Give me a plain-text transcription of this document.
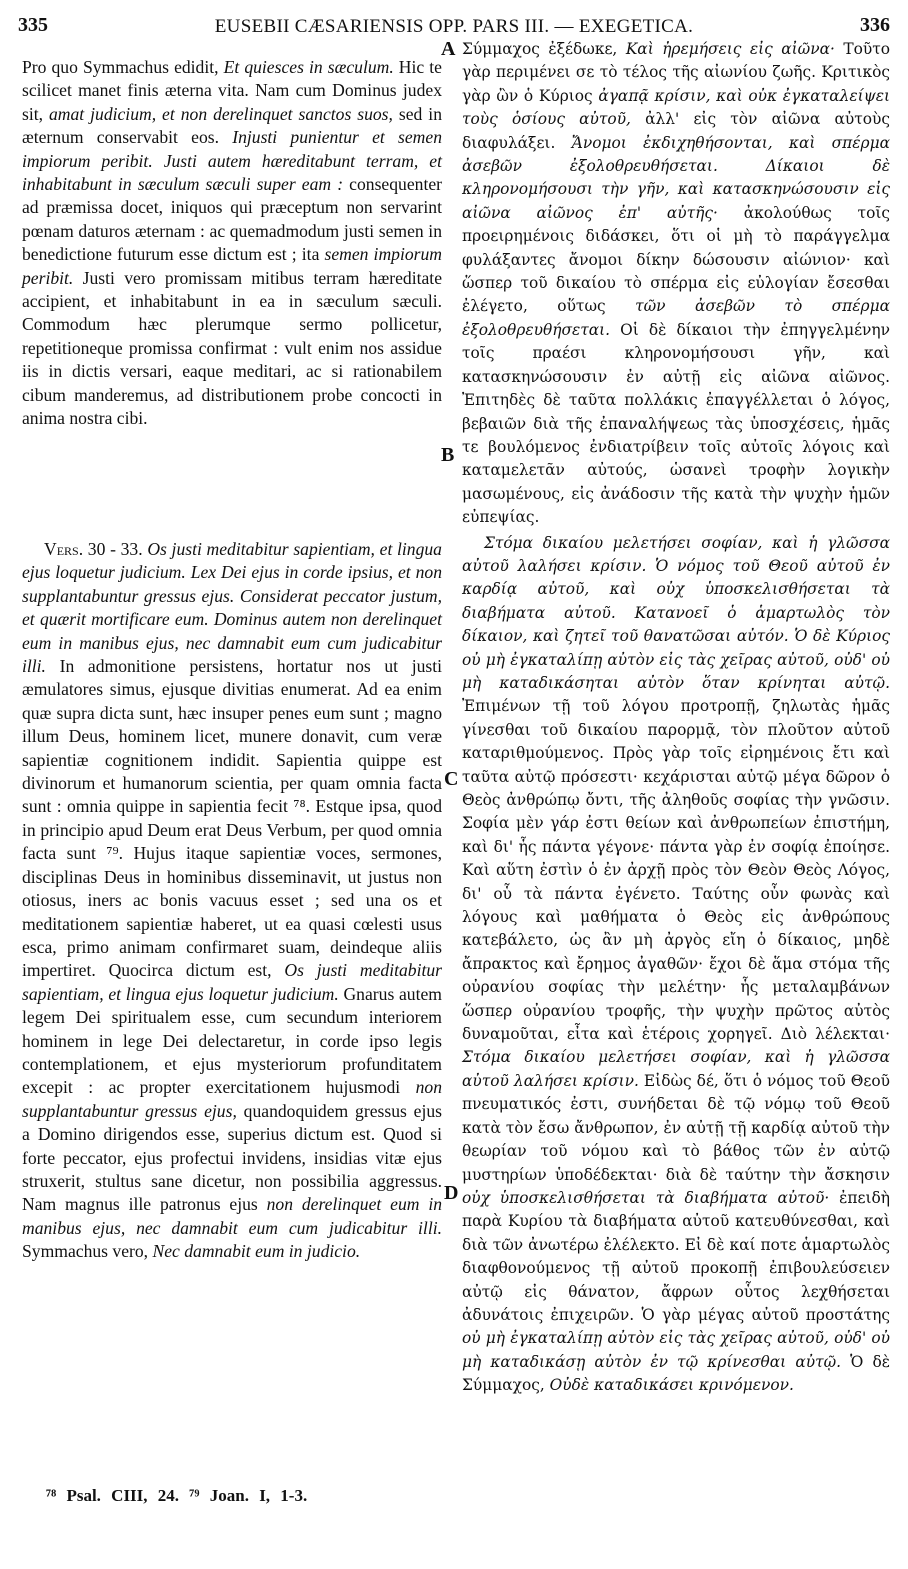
335	EUSEBII CÆSARIENSIS OPP. PARS III. — EXEGETICA.	336

Pro quo Symmachus edidit, Et quiesces in sæculum. Hic te scilicet manet finis æterna vita. Nam cum Dominus judex sit, amat judicium, et non derelinquet sanctos suos, sed in æternum conservabit eos. Injusti punientur et semen impiorum peribit. Justi autem hæreditabunt terram, et inhabitabunt in sæculum sæculi super eam : consequenter ad præmissa docet, iniquos qui præceptum non servarint pœnam daturos æternam : ac quemadmodum justi semen in benedictione futurum esse dictum est ; ita semen impiorum peribit. Justi vero promissam mitibus terram hæreditate accipient, et inhabitabunt in ea in sæculum sæculi. Commodum hæc plerumque sermo pollicetur, repetitioneque promissa confirmat : vult enim nos assidue iis in dictis versari, eaque meditari, ac si rationabilem cibum manderemus, ad distributionem probe concocti in anima nostra cibi.

Vers. 30 - 33. Os justi meditabitur sapientiam, et lingua ejus loquetur judicium. Lex Dei ejus in corde ipsius, et non supplantabuntur gressus ejus. Considerat peccator justum, et quærit mortificare eum. Dominus autem non derelinquet eum in manibus ejus, nec damnabit eum cum judicabitur illi. In admonitione persistens, hortatur nos ut justi æmulatores simus, ejusque divitias enumerat. Ad ea enim quæ supra dicta sunt, hæc insuper penes eum sunt ; magno illum Deus, hominem licet, munere donavit, cum veræ sapientiæ cognitionem indidit. Sapientia quippe est divinorum et humanorum scientia, per quam omnia facta sunt : omnia quippe in sapientia fecit ⁷⁸. Estque ipsa, quod in principio apud Deum erat Deus Verbum, per quod omnia facta sunt ⁷⁹. Hujus itaque sapientiæ voces, sermones, disciplinas Deus in hominibus disseminavit, ut justus non otiosus, iners ac bonis vacuus esset ; sed una os et meditationem sapientiæ haberet, ut ea quasi cœlesti usus esca, primo animam confirmaret suam, deindeque aliis impertiret. Quocirca dictum est, Os justi meditabitur sapientiam, et lingua ejus loquetur judicium. Gnarus autem legem Dei spiritualem esse, cum secundum interiorem hominem in lege Dei delectaretur, in corde ipso legis contemplationem, et ejus mysteriorum profunditatem excepit : ac propter exercitationem hujusmodi non supplantabuntur gressus ejus, quandoquidem gressus ejus a Domino dirigendos esse, superius dictum est. Quod si forte peccator, ejus profectui invidens, insidias vitæ ejus struxerit, stultus sane dicetur, non possibilia aggressus. Nam magnus ille patronus ejus non derelinquet eum in manibus ejus, nec damnabit eum cum judicabitur illi. Symmachus vero, Nec damnabit eum in judicio.

Σύμμαχος ἐξέδωκε, Καὶ ἠρεμήσεις εἰς αἰῶνα· Τοῦτο γὰρ περιμένει σε τὸ τέλος τῆς αἰωνίου ζωῆς. Κριτικὸς γὰρ ὢν ὁ Κύριος ἀγαπᾷ κρίσιν, καὶ οὐκ ἐγκαταλείψει τοὺς ὁσίους αὐτοῦ, ἀλλ' εἰς τὸν αἰῶνα αὐτοὺς διαφυλάξει. Ἄνομοι ἐκδιχηθήσονται, καὶ σπέρμα ἀσεβῶν ἐξολοθρευθήσεται. Δίκαιοι δὲ κληρονομήσουσι τὴν γῆν, καὶ κατασκηνώσουσιν εἰς αἰῶνα αἰῶνος ἐπ' αὐτῆς· ἀκολούθως τοῖς προειρημένοις διδάσκει, ὅτι οἱ μὴ τὸ παράγγελμα φυλάξαντες ἄνομοι δίκην δώσουσιν αἰώνιον· καὶ ὥσπερ τοῦ δικαίου τὸ σπέρμα εἰς εὐλογίαν ἔσεσθαι ἐλέγετο, οὕτως τῶν ἀσεβῶν τὸ σπέρμα ἐξολοθρευθήσεται. Οἱ δὲ δίκαιοι τὴν ἐπηγγελμένην τοῖς πραέσι κληρονομήσουσι γῆν, καὶ κατασκηνώσουσιν ἐν αὐτῇ εἰς αἰῶνα αἰῶνος. Ἐπιτηδὲς δὲ ταῦτα πολλάκις ἐπαγγέλλεται ὁ λόγος, βεβαιῶν διὰ τῆς ἐπαναλήψεως τὰς ὑποσχέσεις, ἡμᾶς τε βουλόμενος ἐνδιατρίβειν τοῖς αὐτοῖς λόγοις καὶ καταμελετᾶν αὐτούς, ὡσανεὶ τροφὴν λογικὴν μασωμένους, εἰς ἀνάδοσιν τῆς κατὰ τὴν ψυχὴν ἡμῶν εὐπεψίας.

Στόμα δικαίου μελετήσει σοφίαν, καὶ ἡ γλῶσσα αὐτοῦ λαλήσει κρίσιν. Ὁ νόμος τοῦ Θεοῦ αὐτοῦ ἐν καρδίᾳ αὐτοῦ, καὶ οὐχ ὑποσκελισθήσεται τὰ διαβήματα αὐτοῦ. Κατανοεῖ ὁ ἁμαρτωλὸς τὸν δίκαιον, καὶ ζητεῖ τοῦ θανατῶσαι αὐτόν. Ὁ δὲ Κύριος οὐ μὴ ἐγκαταλίπῃ αὐτὸν εἰς τὰς χεῖρας αὐτοῦ, οὐδ' οὐ μὴ καταδικάσηται αὐτὸν ὅταν κρίνηται αὐτῷ. Ἐπιμένων τῇ τοῦ λόγου προτροπῇ, ζηλωτὰς ἡμᾶς γίνεσθαι τοῦ δικαίου παρορμᾷ, τὸν πλοῦτον αὐτοῦ καταριθμούμενος. Πρὸς γὰρ τοῖς εἰρημένοις ἔτι καὶ ταῦτα αὐτῷ πρόσεστι· κεχάρισται αὐτῷ μέγα δῶρον ὁ Θεὸς ἀνθρώπῳ ὄντι, τῆς ἀληθοῦς σοφίας τὴν γνῶσιν. Σοφία μὲν γάρ ἐστι θείων καὶ ἀνθρωπείων ἐπιστήμη, καὶ δι' ἧς πάντα γέγονε· πάντα γὰρ ἐν σοφίᾳ ἐποίησε. Καὶ αὕτη ἐστὶν ὁ ἐν ἀρχῇ πρὸς τὸν Θεὸν Θεὸς Λόγος, δι' οὗ τὰ πάντα ἐγένετο. Ταύτης οὖν φωνὰς καὶ λόγους καὶ μαθήματα ὁ Θεὸς εἰς ἀνθρώπους κατεβάλετο, ὡς ἂν μὴ ἀργὸς εἴη ὁ δίκαιος, μηδὲ ἄπρακτος καὶ ἔρημος ἀγαθῶν· ἔχοι δὲ ἅμα στόμα τῆς οὐρανίου σοφίας τὴν μελέτην· ἧς μεταλαμβάνων ὥσπερ οὐρανίου τροφῆς, τὴν ψυχὴν πρῶτος αὐτὸς δυναμοῦται, εἶτα καὶ ἑτέροις χορηγεῖ. Διὸ λέλεκται· Στόμα δικαίου μελετήσει σοφίαν, καὶ ἡ γλῶσσα αὐτοῦ λαλήσει κρίσιν. Εἰδὼς δέ, ὅτι ὁ νόμος τοῦ Θεοῦ πνευματικός ἐστι, συνήδεται δὲ τῷ νόμῳ τοῦ Θεοῦ κατὰ τὸν ἔσω ἄνθρωπον, ἐν αὐτῇ τῇ καρδίᾳ αὐτοῦ τὴν θεωρίαν τοῦ νόμου καὶ τὸ βάθος τῶν ἐν αὐτῷ μυστηρίων ὑποδέδεκται· διὰ δὲ ταύτην τὴν ἄσκησιν οὐχ ὑποσκελισθήσεται τὰ διαβήματα αὐτοῦ· ἐπειδὴ παρὰ Κυρίου τὰ διαβήματα αὐτοῦ κατευθύνεσθαι, καὶ διὰ τῶν ἀνωτέρω ἐλέλεκτο. Εἰ δὲ καί ποτε ἁμαρτωλὸς διαφθονούμενος τῇ αὐτοῦ προκοπῇ ἐπιβουλεύσειεν αὐτῷ εἰς θάνατον, ἄφρων οὗτος λεχθήσεται ἀδυνάτοις ἐπιχειρῶν. Ὁ γὰρ μέγας αὐτοῦ προστάτης οὐ μὴ ἐγκαταλίπῃ αὐτὸν εἰς τὰς χεῖρας αὐτοῦ, οὐδ' οὐ μὴ καταδικάσῃ αὐτὸν ἐν τῷ κρίνεσθαι αὐτῷ. Ὁ δὲ Σύμμαχος, Οὐδὲ καταδικάσει κρινόμενον.

A
B
C
D
⁷⁸ Psal. CIII, 24. ⁷⁹ Joan. I, 1-3.
